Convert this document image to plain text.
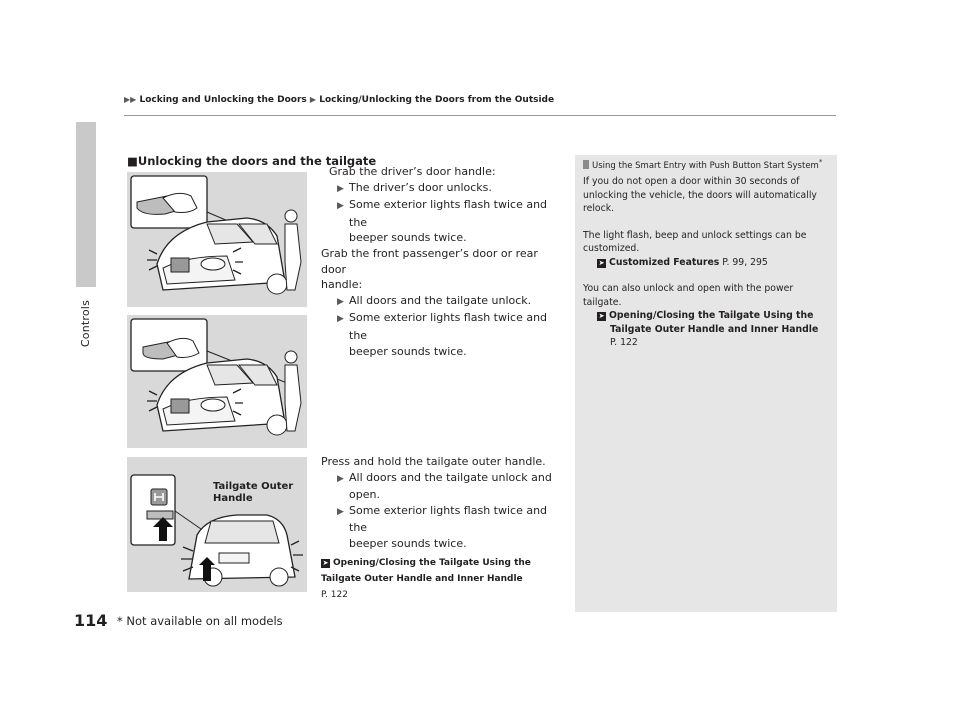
▶▶ Locking and Unlocking the Doors ▶ Locking/Unlocking the Doors from the Outside
Controls
■Unlocking the doors and the tailgate
Tailgate Outer
Handle

Grab the driver’s door handle:

▶ The driver’s door unlocks.

▶ Some exterior lights flash twice and the

beeper sounds twice.

Grab the front passenger’s door or rear door

handle:

▶ All doors and the tailgate unlock.

▶ Some exterior lights flash twice and the

beeper sounds twice.

Press and hold the tailgate outer handle.

▶ All doors and the tailgate unlock and

open.

▶ Some exterior lights flash twice and the

beeper sounds twice.

➤ Opening/Closing the Tailgate Using the
Tailgate Outer Handle and Inner Handle
P. 122
Using the Smart Entry with Push Button Start System*

If you do not open a door within 30 seconds of

unlocking the vehicle, the doors will automatically

relock.

The light flash, beep and unlock settings can be

customized.

➤ Customized Features P. 99, 295

You can also unlock and open with the power

tailgate.

➤ Opening/Closing the Tailgate Using the

Tailgate Outer Handle and Inner Handle

P. 122

114 * Not available on all models
